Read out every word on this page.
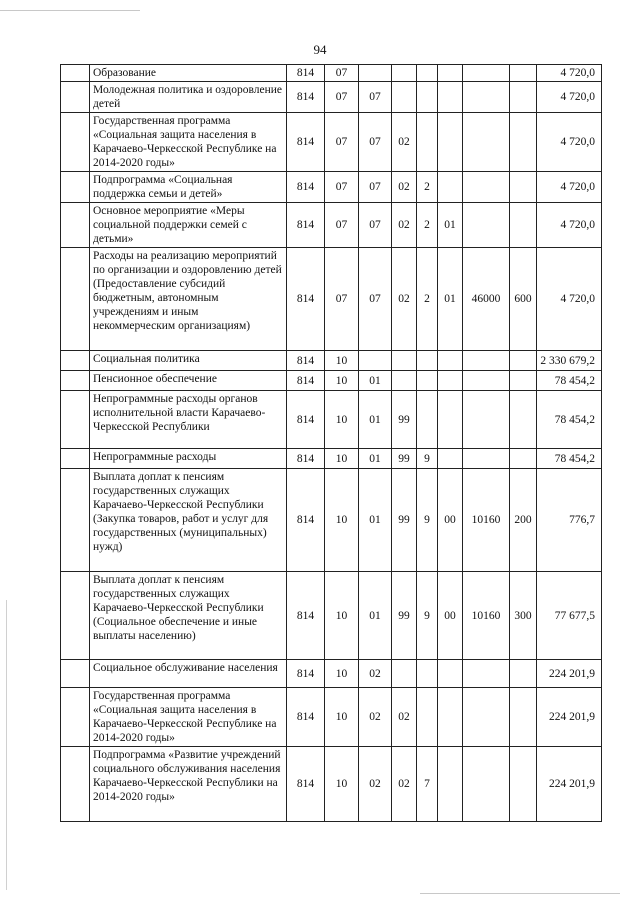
94
	Образование	814	07							4 720,0
	Молодежная политика и оздоровление детей	814	07	07						4 720,0
	Государственная программа «Социальная защита населения в Карачаево-Черкесской Республике на 2014-2020 годы»	814	07	07	02					4 720,0
	Подпрограмма «Социальная поддержка семьи и детей»	814	07	07	02	2				4 720,0
	Основное мероприятие «Меры социальной поддержки семей с детьми»	814	07	07	02	2	01			4 720,0
	Расходы на реализацию мероприятий по организации и оздоровлению детей (Предоставление субсидий бюджетным, автономным учреждениям и иным некоммерческим организациям)	814	07	07	02	2	01	46000	600	4 720,0
	Социальная политика	814	10							2 330 679,2
	Пенсионное обеспечение	814	10	01						78 454,2
	Непрограммные расходы органов исполнительной власти Карачаево-Черкесской Республики	814	10	01	99					78 454,2
	Непрограммные расходы	814	10	01	99	9				78 454,2
	Выплата доплат к пенсиям государственных служащих Карачаево-Черкесской Республики (Закупка товаров, работ и услуг для государственных (муниципальных) нужд)	814	10	01	99	9	00	10160	200	776,7
	Выплата доплат к пенсиям государственных служащих Карачаево-Черкесской Республики (Социальное обеспечение и иные выплаты населению)	814	10	01	99	9	00	10160	300	77 677,5
	Социальное обслуживание населения	814	10	02						224 201,9
	Государственная программа «Социальная защита населения в Карачаево-Черкесской Республике на 2014-2020 годы»	814	10	02	02					224 201,9
	Подпрограмма «Развитие учреждений социального обслуживания населения Карачаево-Черкесской Республики на 2014-2020 годы»	814	10	02	02	7				224 201,9
